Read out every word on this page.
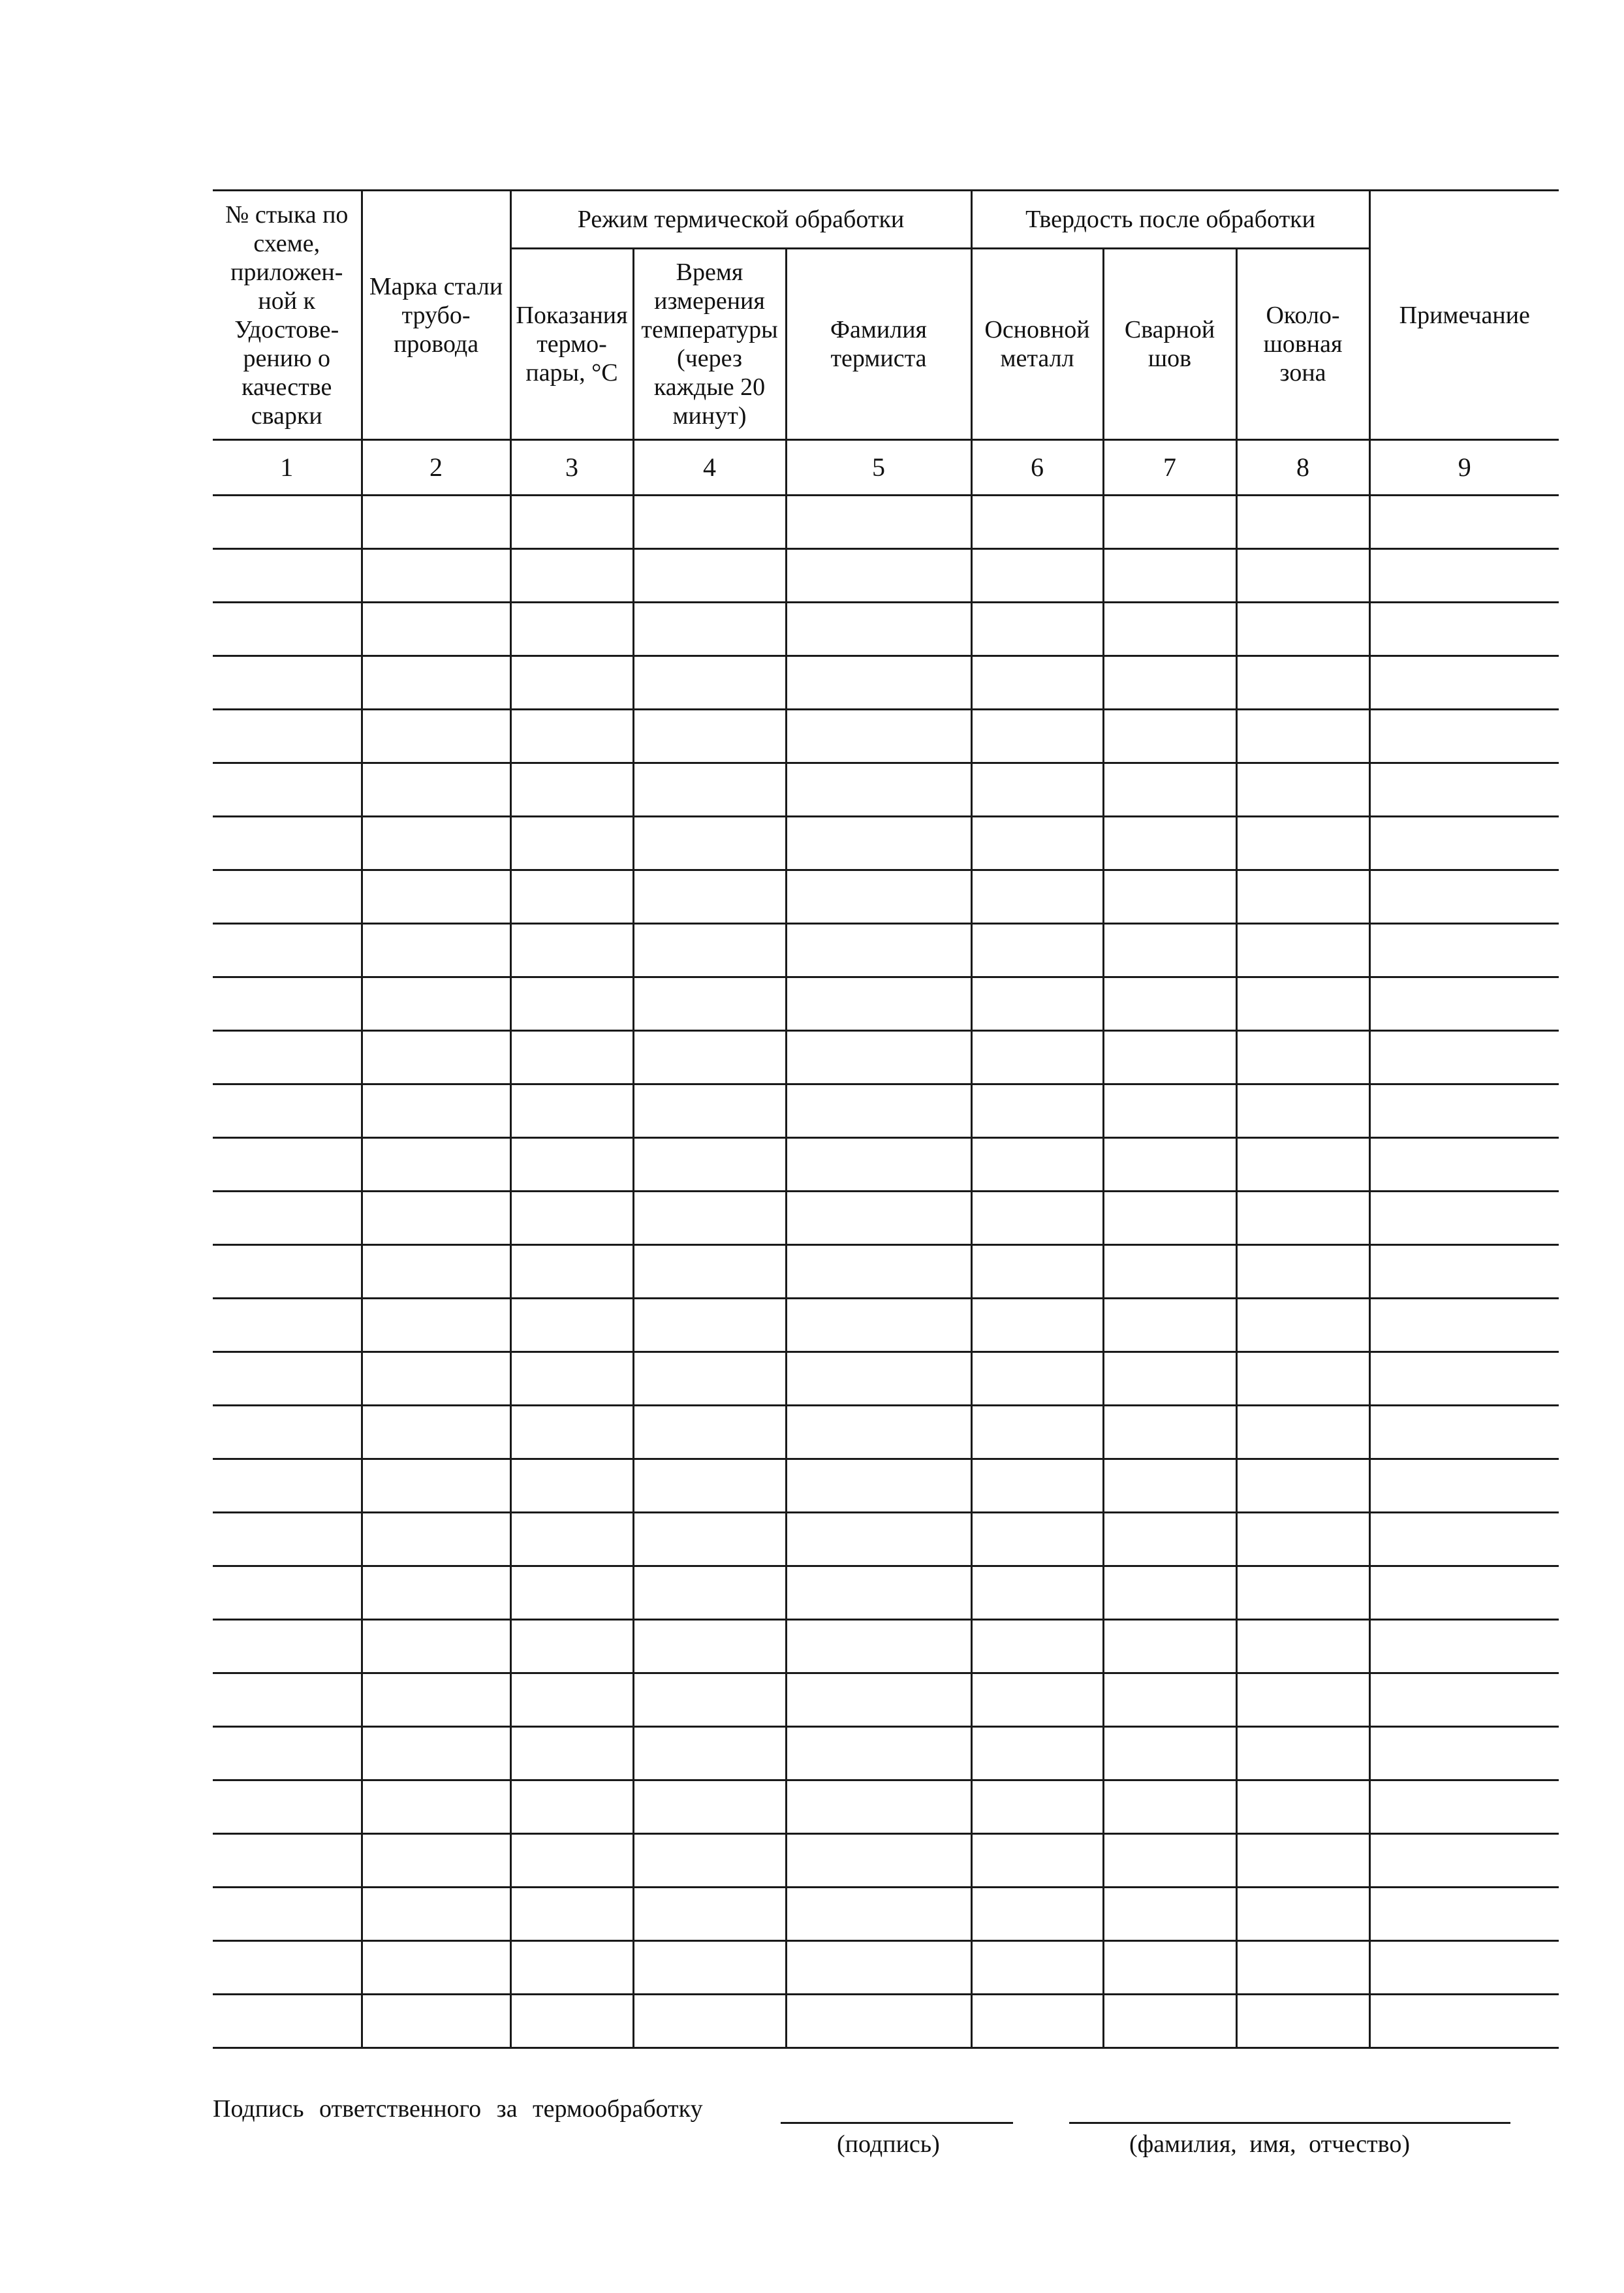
№ стыка по схеме, приложенной к Удостоверению о качестве сварки	Марка стали трубопровода	Режим термической обработки			Твердость после обработки			Примечание
		Показания термопары, °С	Время измерения температуры (через каждые 20 минут)	Фамилия термиста	Основной металл	Сварной шов	Околошовная зона	
1	2	3	4	5	6	7	8	9

Подпись ответственного за термообработку
(подпись)	(фамилия, имя, отчество)
